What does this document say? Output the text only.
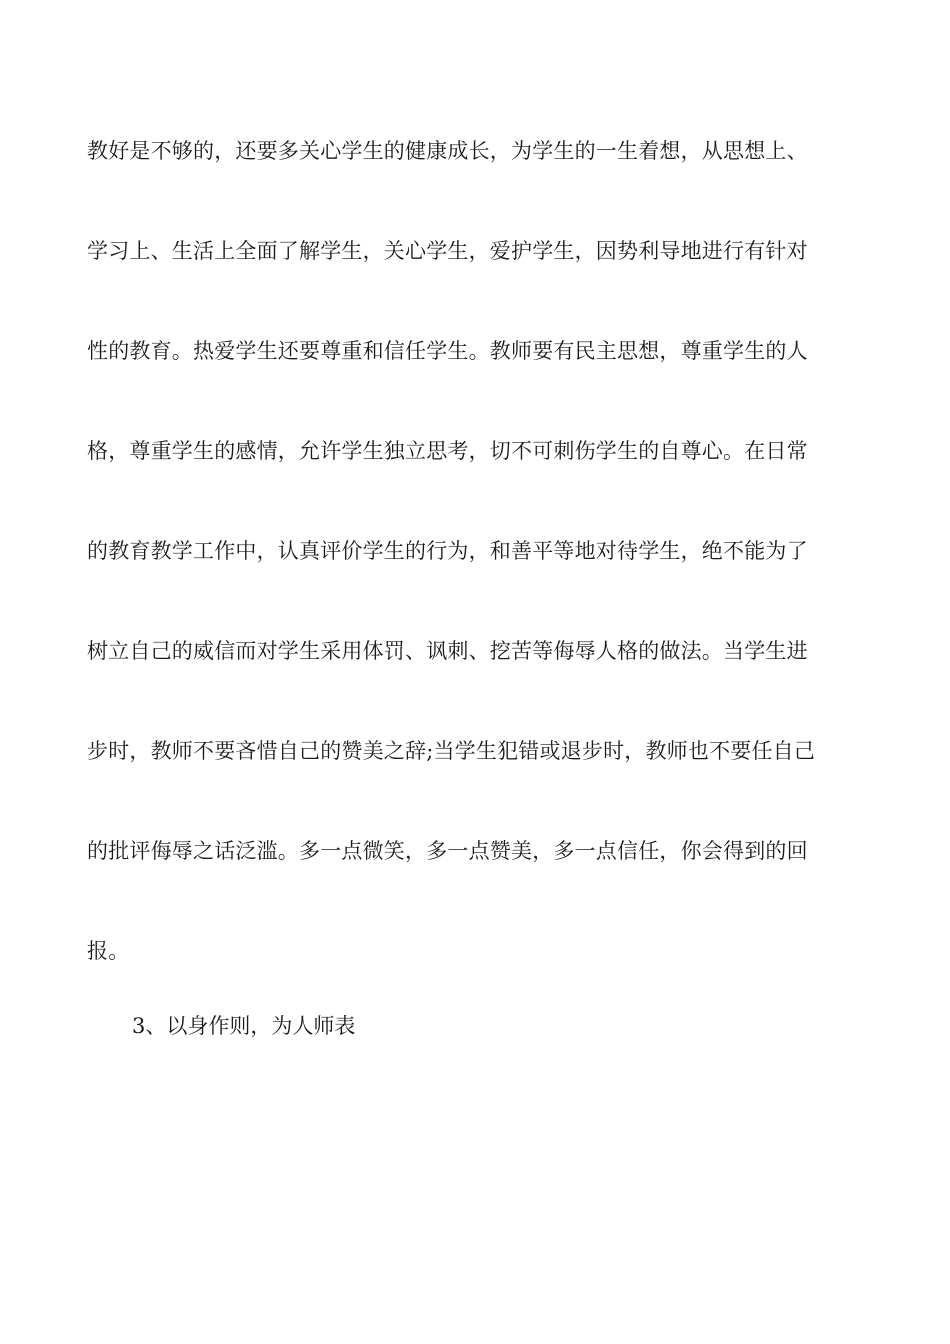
教好是不够的，还要多关心学生的健康成长，为学生的一生着想，从思想上、
学习上、生活上全面了解学生，关心学生，爱护学生，因势利导地进行有针对
性的教育。热爱学生还要尊重和信任学生。教师要有民主思想，尊重学生的人
格，尊重学生的感情，允许学生独立思考，切不可刺伤学生的自尊心。在日常
的教育教学工作中，认真评价学生的行为，和善平等地对待学生，绝不能为了
树立自己的威信而对学生采用体罚、讽刺、挖苦等侮辱人格的做法。当学生进
步时，教师不要吝惜自己的赞美之辞;当学生犯错或退步时，教师也不要任自己
的批评侮辱之话泛滥。多一点微笑，多一点赞美，多一点信任，你会得到的回
报。
3、以身作则，为人师表
